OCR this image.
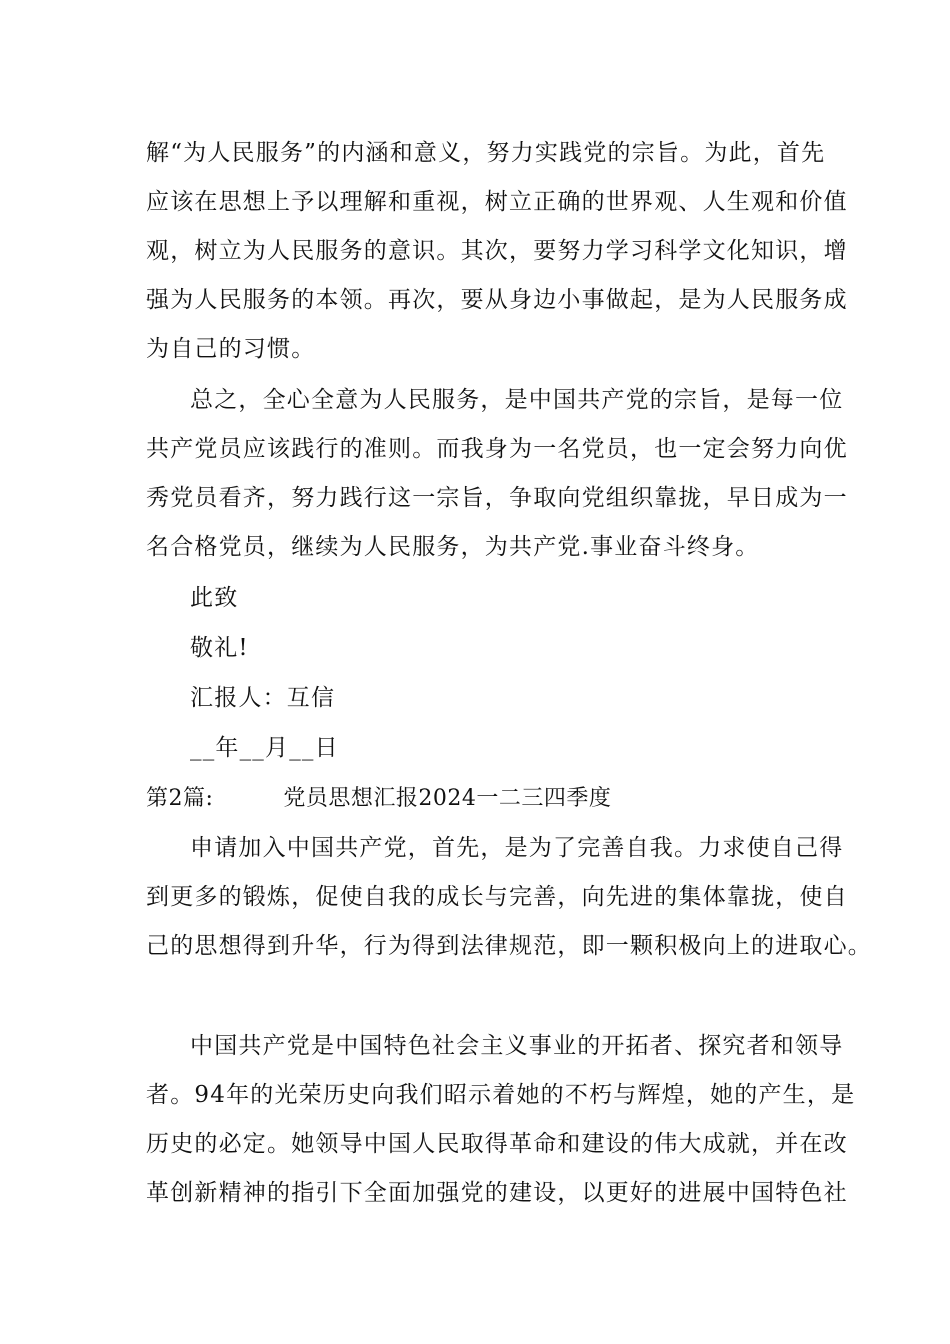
解“为人民服务”的内涵和意义，努力实践党的宗旨。为此，首先
应该在思想上予以理解和重视，树立正确的世界观、人生观和价值
观，树立为人民服务的意识。其次，要努力学习科学文化知识，增
强为人民服务的本领。再次，要从身边小事做起，是为人民服务成
为自己的习惯。
总之，全心全意为人民服务，是中国共产党的宗旨，是每一位
共产党员应该践行的准则。而我身为一名党员，也一定会努力向优
秀党员看齐，努力践行这一宗旨，争取向党组织靠拢，早日成为一
名合格党员，继续为人民服务，为共产党.事业奋斗终身。
此致
敬礼!
汇报人：互信
__年__月__日
第2篇:	党员思想汇报2024一二三四季度
申请加入中国共产党，首先，是为了完善自我。力求使自己得
到更多的锻炼，促使自我的成长与完善，向先进的集体靠拢，使自
己的思想得到升华，行为得到法律规范，即一颗积极向上的进取心。
中国共产党是中国特色社会主义事业的开拓者、探究者和领导
者。94年的光荣历史向我们昭示着她的不朽与辉煌，她的产生，是
历史的必定。她领导中国人民取得革命和建设的伟大成就，并在改
革创新精神的指引下全面加强党的建设，以更好的进展中国特色社
